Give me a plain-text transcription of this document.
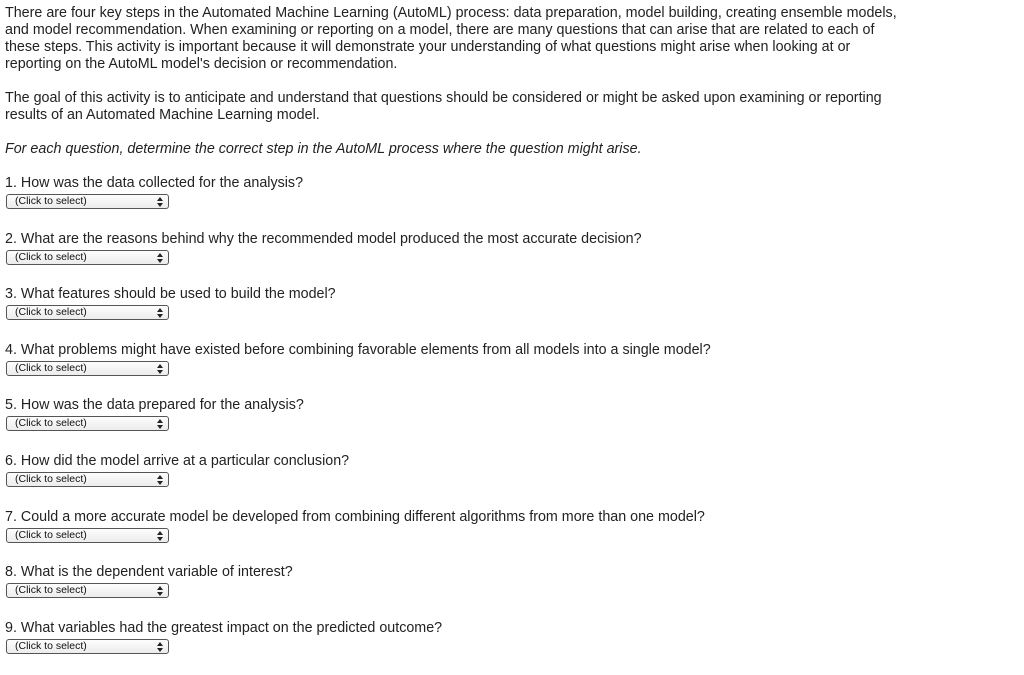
There are four key steps in the Automated Machine Learning (AutoML) process: data preparation, model building, creating ensemble models, and model recommendation. When examining or reporting on a model, there are many questions that can arise that are related to each of these steps. This activity is important because it will demonstrate your understanding of what questions might arise when looking at or reporting on the AutoML model's decision or recommendation.

The goal of this activity is to anticipate and understand that questions should be considered or might be asked upon examining or reporting results of an Automated Machine Learning model.

For each question, determine the correct step in the AutoML process where the question might arise.

1. How was the data collected for the analysis?

(Click to select)

2. What are the reasons behind why the recommended model produced the most accurate decision?

(Click to select)

3. What features should be used to build the model?

(Click to select)

4. What problems might have existed before combining favorable elements from all models into a single model?

(Click to select)

5. How was the data prepared for the analysis?

(Click to select)

6. How did the model arrive at a particular conclusion?

(Click to select)

7. Could a more accurate model be developed from combining different algorithms from more than one model?

(Click to select)

8. What is the dependent variable of interest?

(Click to select)

9. What variables had the greatest impact on the predicted outcome?

(Click to select)
